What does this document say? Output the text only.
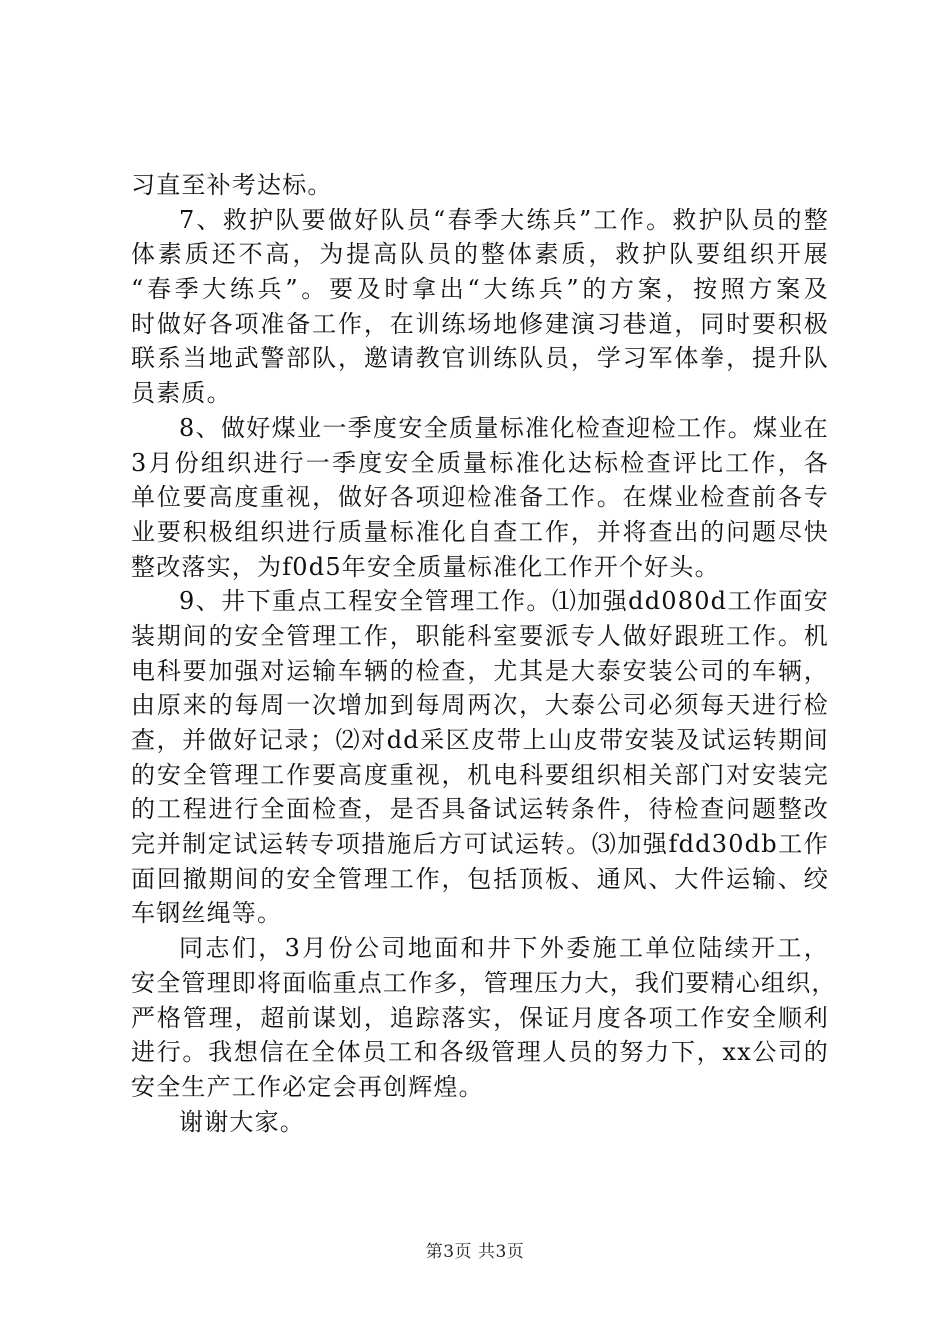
习直至补考达标。
7、救护队要做好队员“春季大练兵”工作。救护队员的整
体素质还不高，为提高队员的整体素质，救护队要组织开展
“春季大练兵”。要及时拿出“大练兵”的方案，按照方案及
时做好各项准备工作，在训练场地修建演习巷道，同时要积极
联系当地武警部队，邀请教官训练队员，学习军体拳，提升队
员素质。
8、做好煤业一季度安全质量标准化检查迎检工作。煤业在
3月份组织进行一季度安全质量标准化达标检查评比工作，各
单位要高度重视，做好各项迎检准备工作。在煤业检查前各专
业要积极组织进行质量标准化自查工作，并将查出的问题尽快
整改落实，为f0d5年安全质量标准化工作开个好头。
9、井下重点工程安全管理工作。⑴加强dd080d工作面安
装期间的安全管理工作，职能科室要派专人做好跟班工作。机
电科要加强对运输车辆的检查，尤其是大泰安装公司的车辆，
由原来的每周一次增加到每周两次，大泰公司必须每天进行检
查，并做好记录；⑵对dd采区皮带上山皮带安装及试运转期间
的安全管理工作要高度重视，机电科要组织相关部门对安装完
的工程进行全面检查，是否具备试运转条件，待检查问题整改
完并制定试运转专项措施后方可试运转。⑶加强fdd30db工作
面回撤期间的安全管理工作，包括顶板、通风、大件运输、绞
车钢丝绳等。
同志们，3月份公司地面和井下外委施工单位陆续开工，
安全管理即将面临重点工作多，管理压力大，我们要精心组织，
严格管理，超前谋划，追踪落实，保证月度各项工作安全顺利
进行。我想信在全体员工和各级管理人员的努力下，xx公司的
安全生产工作必定会再创辉煌。
谢谢大家。
第3页 共3页
